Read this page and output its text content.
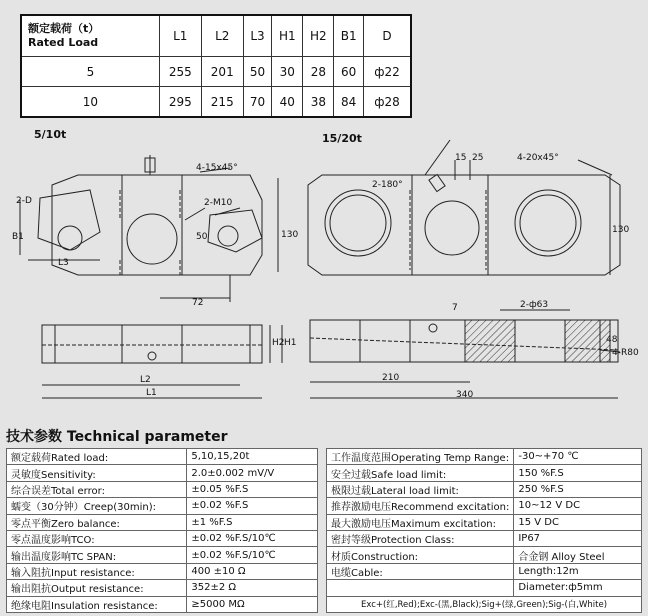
额定载荷（t）
Rated Load	L1	L2	L3	H1	H2	B1	D
5	255	201	50	30	28	60	ф22
10	295	215	70	40	38	84	ф28
5/10t	15/20t
4-15x45°
2-D	2-M10
B1
L3
130
50
72
H2 H1
L2
L1
2-180°
15 25	4-20x45°
130
7	2-ф63
48
4-R80
210
340
技术参数 Technical parameter
额定载荷Rated load:	5,10,15,20t
灵敏度Sensitivity:	2.0±0.002 mV/V
综合误差Total error:	±0.05 %F.S
蠕变（30分钟）Creep(30min):	±0.02 %F.S
零点平衡Zero balance:	±1 %F.S
零点温度影响TCO:	±0.02 %F.S/10℃
输出温度影响TC SPAN:	±0.02 %F.S/10℃
输入阻抗Input resistance:	400 ±10 Ω
输出阻抗Output resistance:	352±2 Ω
绝缘电阻Insulation resistance:	≥5000 MΩ
工作温度范围Operating Temp Range:	-30~+70 ℃
安全过载Safe load limit:	150 %F.S
极限过载Lateral load limit:	250 %F.S
推荐激励电压Recommend excitation:	10~12 V DC
最大激励电压Maximum excitation:	15 V DC
密封等级Protection Class:	IP67
材质Construction:	合金钢 Alloy Steel
电缆Cable:	Length:12m
	Diameter:ф5mm
Exc+(红,Red);Exc-(黑,Black);Sig+(绿,Green);Sig-(白,White)	
